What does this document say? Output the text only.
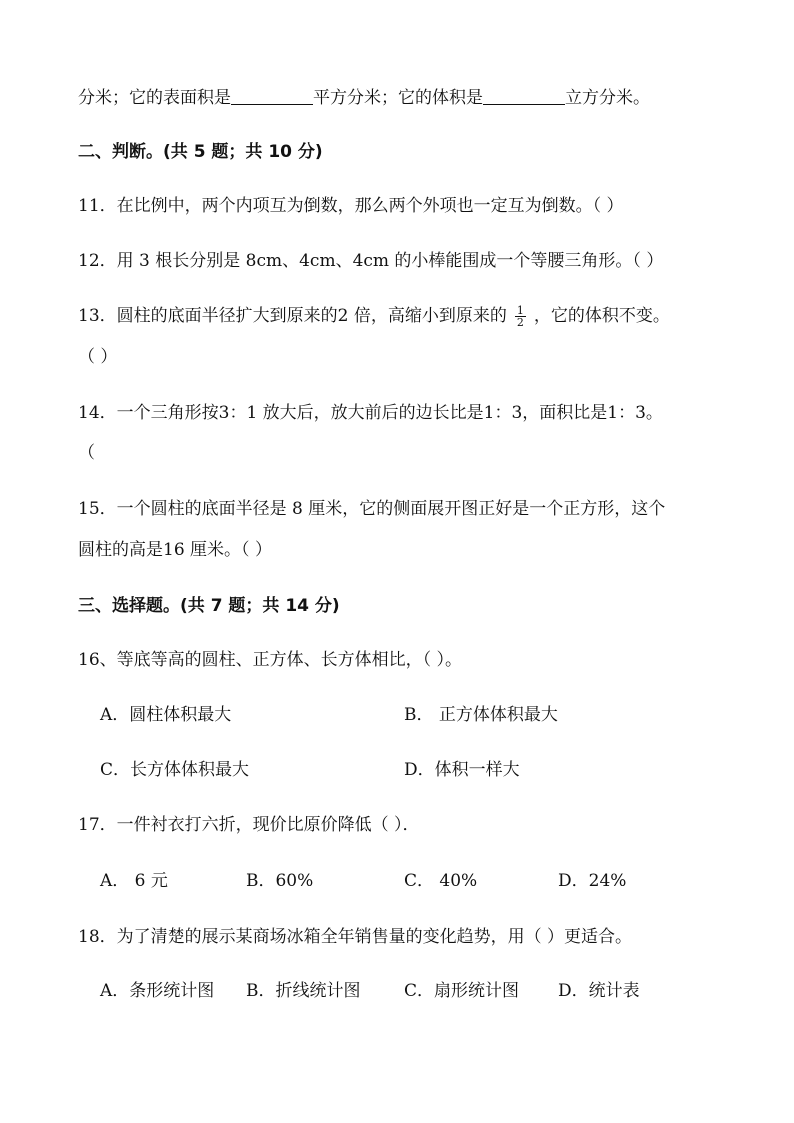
分米；它的表面积是	平方分米；它的体积是	立方分米。
二、判断。(共 5 题；共 10 分)
11．在比例中，两个内项互为倒数，那么两个外项也一定互为倒数。（ ）
12．用 3 根长分别是 8cm、4cm、4cm 的小棒能围成一个等腰三角形。（ ）
13．圆柱的底面半径扩大到原来的2 倍，高缩小到原来的 $\frac{1}{2}$ ，它的体积不变。
（ ）
14．一个三角形按3：1 放大后，放大前后的边长比是1：3，面积比是1：3。
（
15．一个圆柱的底面半径是 8 厘米，它的侧面展开图正好是一个正方形，这个
圆柱的高是16 厘米。（ ）
三、选择题。(共 7 题；共 14 分)
16、等底等高的圆柱、正方体、长方体相比，（ ）。
A．圆柱体积最大	B． 正方体体积最大
C．长方体体积最大	D．体积一样大
17．一件衬衣打六折，现价比原价降低（ ）．
A． 6 元	B．60%	C． 40%	D．24%
18．为了清楚的展示某商场冰箱全年销售量的变化趋势，用（ ）更适合。
A．条形统计图 B．折线统计图	C．扇形统计图 D．统计表
